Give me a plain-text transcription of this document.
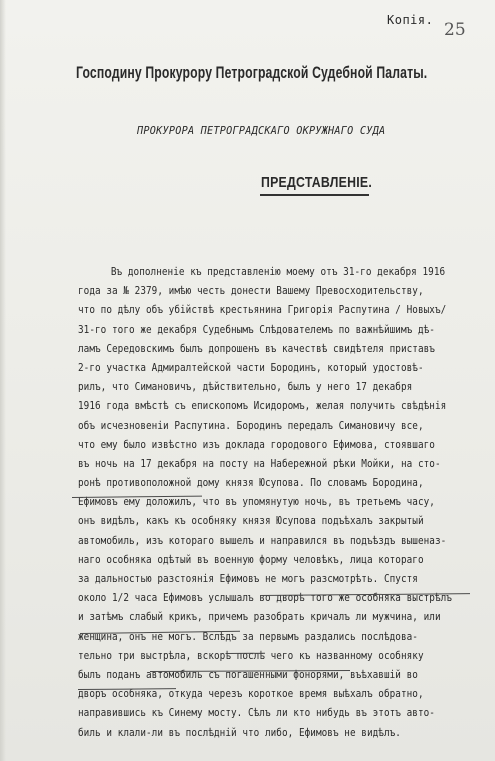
Копія. 25
Господину Прокурору Петроградской Судебной Палаты.
ПРОКУРОРА ПЕТРОГРАДСКАГО ОКРУЖНАГО СУДА
ПРЕДСТАВЛЕНІЕ.
Въ дополненіе къ представленію моему отъ 31-го декабря 1916
года за № 2379, имѣю честь донести Вашему Превосходительству,
что по дѣлу объ убійствѣ крестьянина Григорія Распутина / Новыхъ/
31-го того же декабря Судебнымъ Слѣдователемъ по важнѣйшимъ дѣ-
ламъ Середовскимъ былъ допрошенъ въ качествѣ свидѣтеля приставъ
2-го участка Адмиралтейской части Бородинъ, который удостовѣ-
рилъ, что Симановичъ, дѣйствительно, былъ у него 17 декабря
1916 года вмѣстѣ съ епископомъ Исидоромъ, желая получить свѣдѣнія
объ исчезновеніи Распутина. Бородинъ передалъ Симановичу все,
что ему было извѣстно изъ доклада городового Ефимова, стоявшаго
въ ночь на 17 декабря на посту на Набережной рѣки Мойки, на сто-
ронѣ противоположной дому князя Юсупова. По словамъ Бородина,
Ефимовъ ему доложилъ, что въ упомянутую ночь, въ третьемъ часу,
онъ видѣлъ, какъ къ особняку князя Юсупова подъѣхалъ закрытый
автомобиль, изъ котораго вышелъ и направился въ подъѣздъ вышеназ-
наго особняка одѣтый въ военную форму человѣкъ, лица котораго
за дальностью разстоянія Ефимовъ не могъ разсмотрѣть. Спустя
около 1/2 часа Ефимовъ услышалъ во дворѣ того же особняка выстрѣлъ
и затѣмъ слабый крикъ, причемъ разобрать кричалъ ли мужчина, или
женщина, онъ не могъ. Вслѣдъ за первымъ раздались послѣдова-
тельно три выстрѣла, вскорѣ послѣ чего къ названному особняку
былъ поданъ автомобиль съ погашенными фонорями, въѣхавшій во
дворъ особняка, откуда черезъ короткое время выѣхалъ обратно,
направившись къ Синему мосту. Сѣлъ ли кто нибудь въ этотъ авто-
биль и клали-ли въ послѣдній что либо, Ефимовъ не видѣлъ.
